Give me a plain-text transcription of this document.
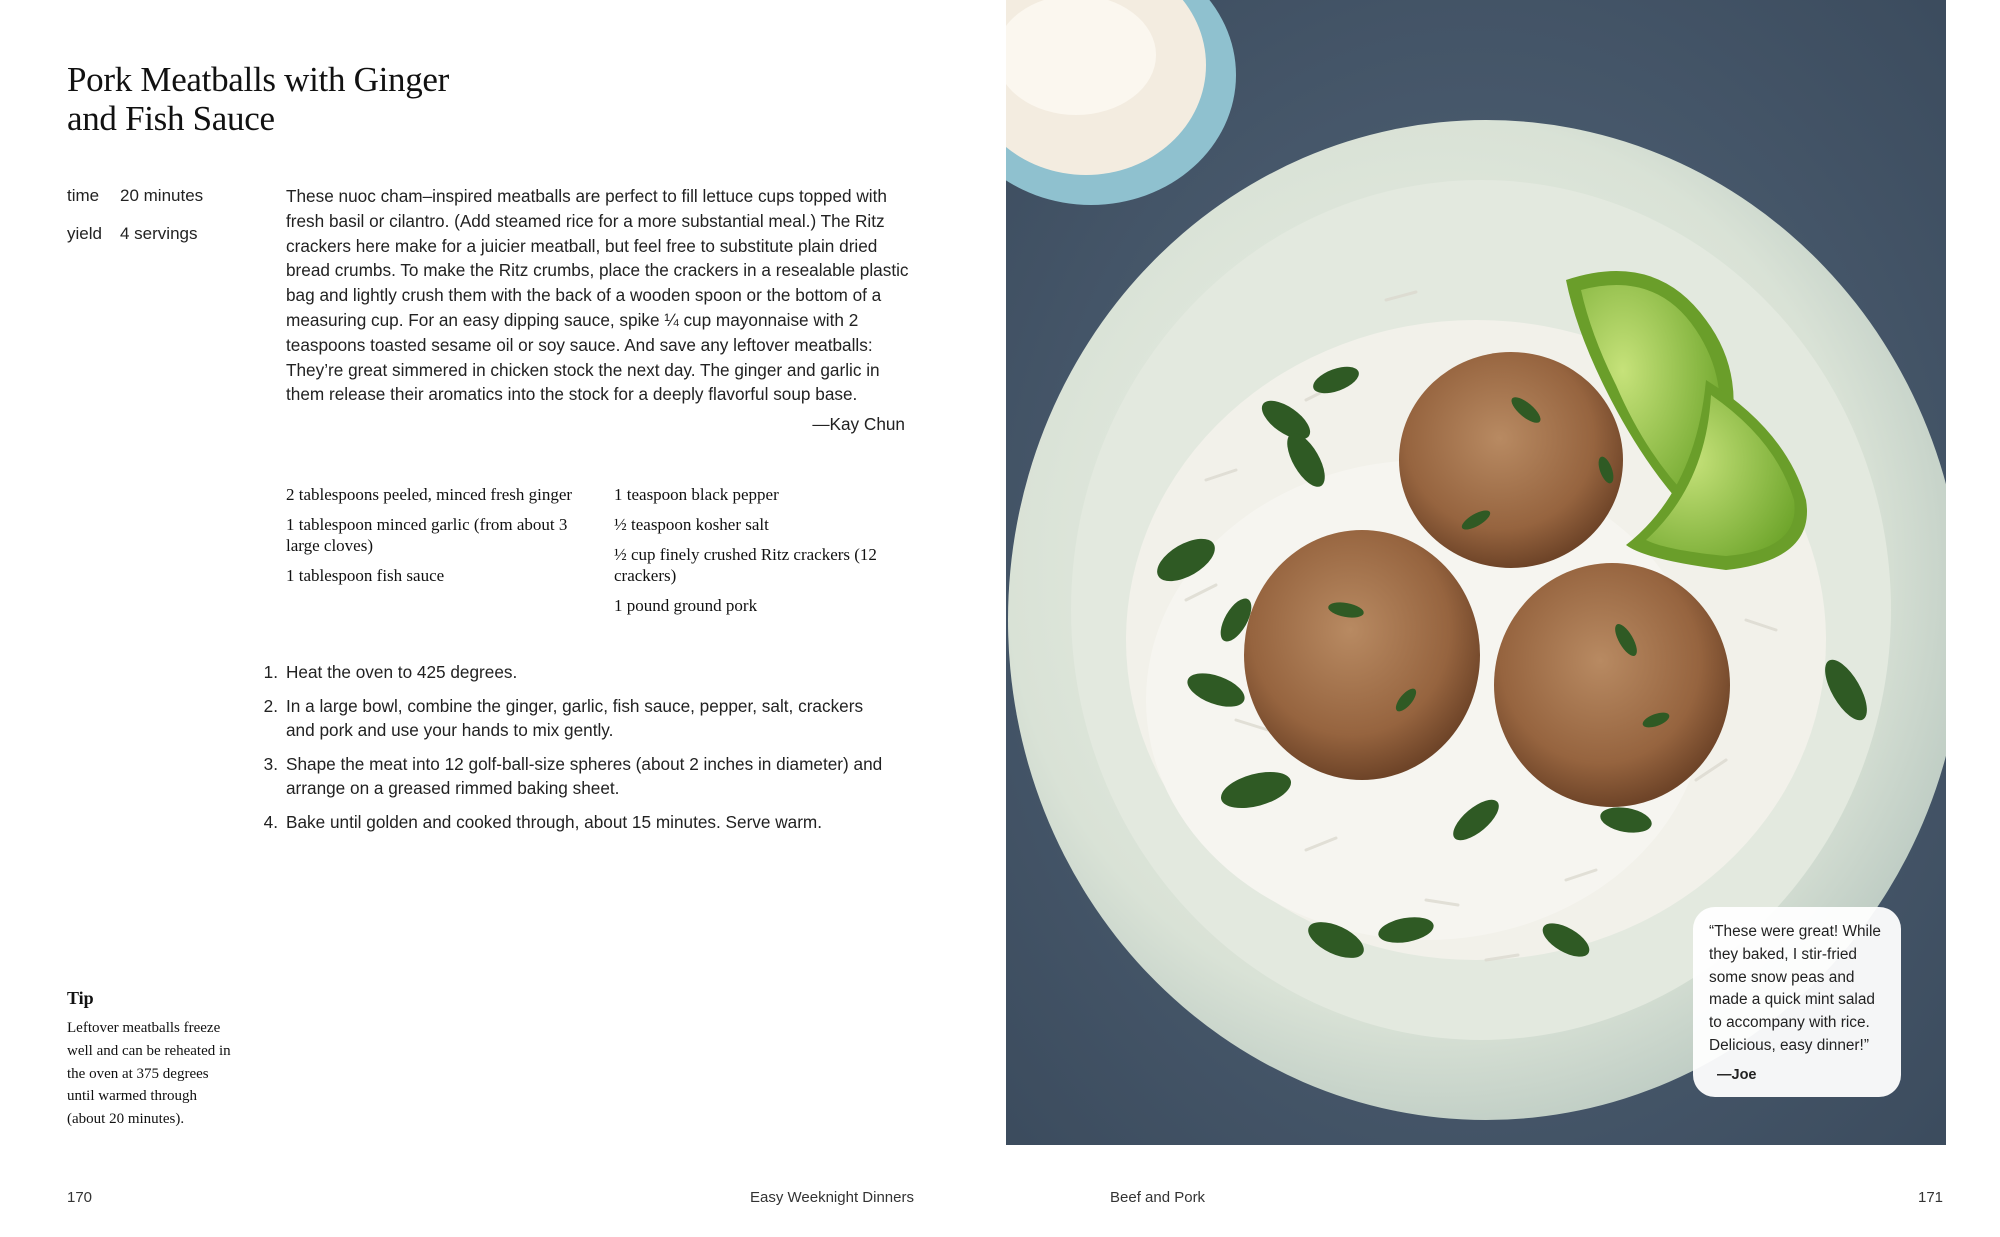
Pork Meatballs with Ginger
and Fish Sauce
time 20 minutes
yield 4 servings

These nuoc cham–inspired meatballs are perfect to fill lettuce cups topped with fresh basil or cilantro. (Add steamed rice for a more substantial meal.) The Ritz crackers here make for a juicier meatball, but feel free to substitute plain dried bread crumbs. To make the Ritz crumbs, place the crackers in a resealable plastic bag and lightly crush them with the back of a wooden spoon or the bottom of a measuring cup. For an easy dipping sauce, spike ¼ cup mayonnaise with 2 teaspoons toasted sesame oil or soy sauce. And save any leftover meatballs: They’re great simmered in chicken stock the next day. The ginger and garlic in them release their aromatics into the stock for a deeply flavorful soup base.

—Kay Chun
2 tablespoons peeled, minced fresh ginger
1 tablespoon minced garlic (from about 3 large cloves)
1 tablespoon fish sauce
1 teaspoon black pepper
½ teaspoon kosher salt
½ cup finely crushed Ritz crackers (12 crackers)
1 pound ground pork
1. Heat the oven to 425 degrees.
2. In a large bowl, combine the ginger, garlic, fish sauce, pepper, salt, crackers and pork and use your hands to mix gently.
3. Shape the meat into 12 golf-ball-size spheres (about 2 inches in diameter) and arrange on a greased rimmed baking sheet.
4. Bake until golden and cooked through, about 15 minutes. Serve warm.
Tip

Leftover meatballs freeze well and can be reheated in the oven at 375 degrees until warmed through (about 20 minutes).

170	Easy Weeknight Dinners	Beef and Pork	171
“These were great! While they baked, I stir-fried some snow peas and made a quick mint salad to accompany with rice. Delicious, easy dinner!”
—Joe
